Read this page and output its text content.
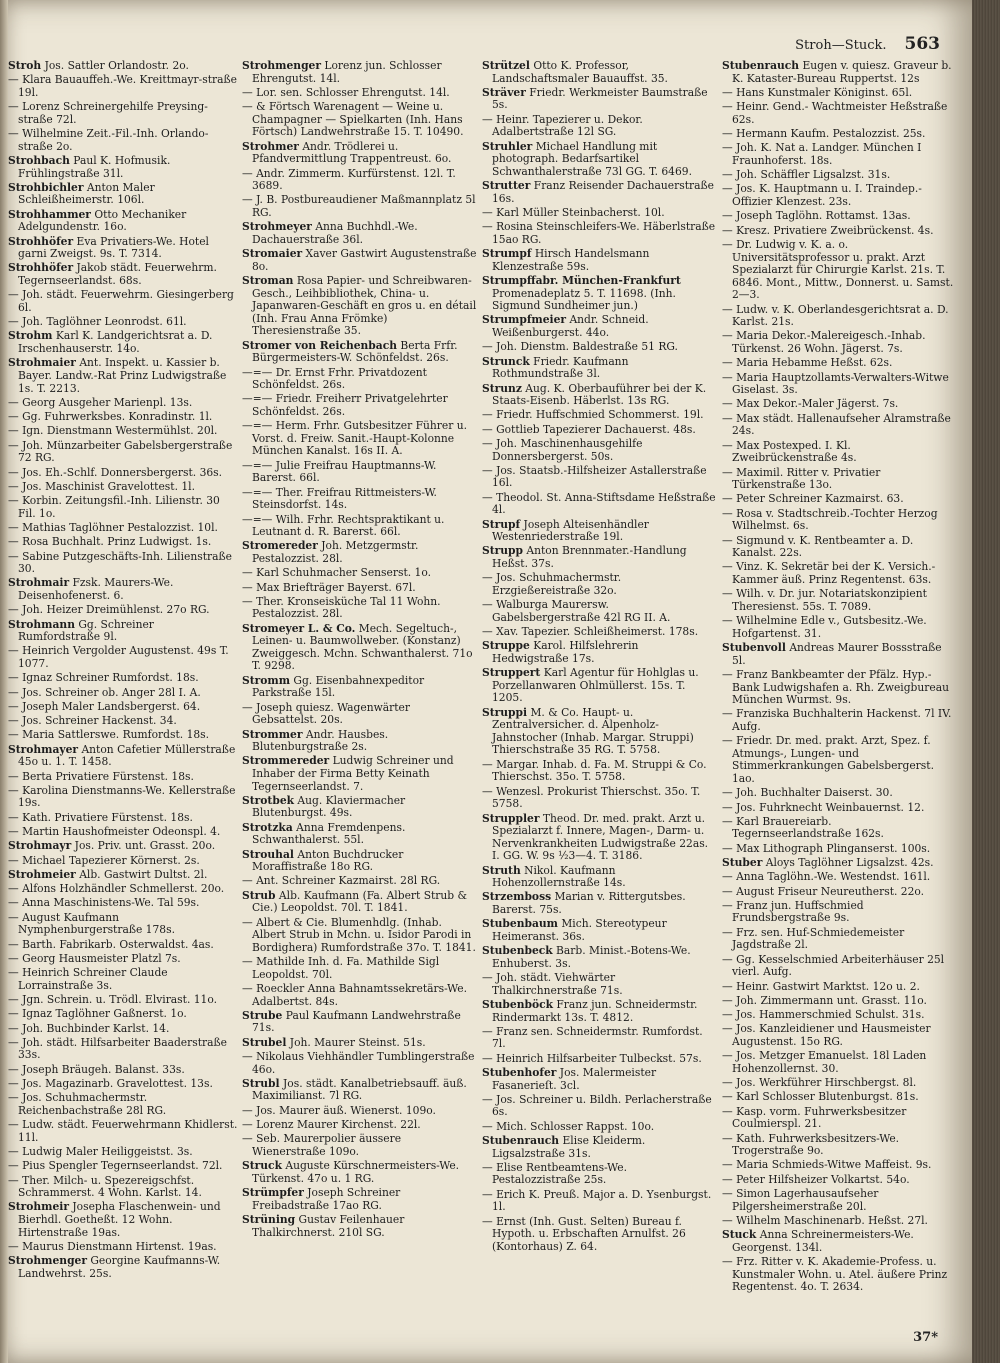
Stroh—Stuck. 563

Stroh Jos. Sattler Orlandostr. 2o.

— Klara Bauauffeh.-We. Kreittmayr-straße 19l.

— Lorenz Schreinergehilfe Preysing-straße 72l.

— Wilhelmine Zeit.-Fil.-Inh. Orlando-straße 2o.

Strohbach Paul K. Hofmusik. Frühlingstraße 31l.

Strohbichler Anton Maler Schleißheimerstr. 106l.

Strohhammer Otto Mechaniker Adelgundenstr. 16o.

Strohhöfer Eva Privatiers-We. Hotel garni Zweigst. 9s. T. 7314.

Strohhöfer Jakob städt. Feuerwehrm. Tegernseerlandst. 68s.

— Joh. städt. Feuerwehrm. Giesingerberg 6l.

— Joh. Taglöhner Leonrodst. 61l.

Strohm Karl K. Landgerichtsrat a. D. Irschenhauserstr. 14o.

Strohmaier Ant. Inspekt. u. Kassier b. Bayer. Landw.-Rat Prinz Ludwigstraße 1s. T. 2213.

— Georg Ausgeher Marienpl. 13s.

— Gg. Fuhrwerksbes. Konradinstr. 1l.

— Ign. Dienstmann Westermühlst. 20l.

— Joh. Münzarbeiter Gabelsbergerstraße 72 RG.

— Jos. Eh.-Schlf. Donnersbergerst. 36s.

— Jos. Maschinist Gravelottest. 1l.

— Korbin. Zeitungsfil.-Inh. Lilienstr. 30 Fil. 1o.

— Mathias Taglöhner Pestalozzist. 10l.

— Rosa Buchhalt. Prinz Ludwigst. 1s.

— Sabine Putzgeschäfts-Inh. Lilienstraße 30.

Strohmair Fzsk. Maurers-We. Deisenhofenerst. 6.

— Joh. Heizer Dreimühlenst. 27o RG.

Strohmann Gg. Schreiner Rumfordstraße 9l.

— Heinrich Vergolder Augustenst. 49s T. 1077.

— Ignaz Schreiner Rumfordst. 18s.

— Jos. Schreiner ob. Anger 28l I. A.

— Joseph Maler Landsbergerst. 64.

— Jos. Schreiner Hackenst. 34.

— Maria Sattlerswe. Rumfordst. 18s.

Strohmayer Anton Cafetier Müllerstraße 45o u. 1. T. 1458.

— Berta Privatiere Fürstenst. 18s.

— Karolina Dienstmanns-We. Kellerstraße 19s.

— Kath. Privatiere Fürstenst. 18s.

— Martin Haushofmeister Odeonspl. 4.

Strohmayr Jos. Priv. unt. Grasst. 20o.

— Michael Tapezierer Körnerst. 2s.

Strohmeier Alb. Gastwirt Dultst. 2l.

— Alfons Holzhändler Schmellerst. 20o.

— Anna Maschinistens-We. Tal 59s.

— August Kaufmann Nymphenburgerstraße 178s.

— Barth. Fabrikarb. Osterwaldst. 4as.

— Georg Hausmeister Platzl 7s.

— Heinrich Schreiner Claude Lorrainstraße 3s.

— Jgn. Schrein. u. Trödl. Elvirast. 11o.

— Ignaz Taglöhner Gaßnerst. 1o.

— Joh. Buchbinder Karlst. 14.

— Joh. städt. Hilfsarbeiter Baaderstraße 33s.

— Joseph Bräugeh. Balanst. 33s.

— Jos. Magazinarb. Gravelottest. 13s.

— Jos. Schuhmachermstr. Reichenbachstraße 28l RG.

— Ludw. städt. Feuerwehrmann Khidlerst. 11l.

— Ludwig Maler Heiliggeistst. 3s.

— Pius Spengler Tegernseerlandst. 72l.

— Ther. Milch- u. Spezereigschfst. Schrammerst. 4 Wohn. Karlst. 14.

Strohmeir Josepha Flaschenwein- und Bierhdl. Goetheßt. 12 Wohn. Hirtenstraße 19as.

— Maurus Dienstmann Hirtenst. 19as.

Strohmenger Georgine Kaufmanns-W. Landwehrst. 25s.

Strohmenger Lorenz jun. Schlosser Ehrengutst. 14l.

— Lor. sen. Schlosser Ehrengutst. 14l.

— & Förtsch Warenagent — Weine u. Champagner — Spielkarten (Inh. Hans Förtsch) Landwehrstraße 15. T. 10490.

Strohmer Andr. Trödlerei u. Pfandvermittlung Trappentreust. 6o.

— Andr. Zimmerm. Kurfürstenst. 12l. T. 3689.

— J. B. Postbureaudiener Maßmannplatz 5l RG.

Strohmeyer Anna Buchhdl.-We. Dachauerstraße 36l.

Stromaier Xaver Gastwirt Augustenstraße 8o.

Stroman Rosa Papier- und Schreibwaren-Gesch., Leihbibliothek, China- u. Japanwaren-Geschäft en gros u. en détail (Inh. Frau Anna Frömke) Theresienstraße 35.

Stromer von Reichenbach Berta Frfr. Bürgermeisters-W. Schönfeldst. 26s.

—=— Dr. Ernst Frhr. Privatdozent Schönfeldst. 26s.

—=— Friedr. Freiherr Privatgelehrter Schönfeldst. 26s.

—=— Herm. Frhr. Gutsbesitzer Führer u. Vorst. d. Freiw. Sanit.-Haupt-Kolonne München Kanalst. 16s II. A.

—=— Julie Freifrau Hauptmanns-W. Barerst. 66l.

—=— Ther. Freifrau Rittmeisters-W. Steinsdorfst. 14s.

—=— Wilh. Frhr. Rechtspraktikant u. Leutnant d. R. Barerst. 66l.

Stromereder Joh. Metzgermstr. Pestalozzist. 28l.

— Karl Schuhmacher Senserst. 1o.

— Max Briefträger Bayerst. 67l.

— Ther. Kronseisküche Tal 11 Wohn. Pestalozzist. 28l.

Stromeyer L. & Co. Mech. Segeltuch-, Leinen- u. Baumwollweber. (Konstanz) Zweiggesch. Mchn. Schwanthalerst. 71o T. 9298.

Stromm Gg. Eisenbahnexpeditor Parkstraße 15l.

— Joseph quiesz. Wagenwärter Gebsattelst. 20s.

Strommer Andr. Hausbes. Blutenburgstraße 2s.

Strommereder Ludwig Schreiner und Inhaber der Firma Betty Keinath Tegernseerlandst. 7.

Strotbek Aug. Klaviermacher Blutenburgst. 49s.

Strotzka Anna Fremdenpens. Schwanthalerst. 55l.

Strouhal Anton Buchdrucker Moraffistraße 18o RG.

— Ant. Schreiner Kazmairst. 28l RG.

Strub Alb. Kaufmann (Fa. Albert Strub & Cie.) Leopoldst. 70l. T. 1841.

— Albert & Cie. Blumenhdlg. (Inhab. Albert Strub in Mchn. u. Isidor Parodi in Bordighera) Rumfordstraße 37o. T. 1841.

— Mathilde Inh. d. Fa. Mathilde Sigl Leopoldst. 70l.

— Roeckler Anna Bahnamtssekretärs-We. Adalbertst. 84s.

Strube Paul Kaufmann Landwehrstraße 71s.

Strubel Joh. Maurer Steinst. 51s.

— Nikolaus Viehhändler Tumblingerstraße 46o.

Strubl Jos. städt. Kanalbetriebsauff. äuß. Maximilianst. 7l RG.

— Jos. Maurer äuß. Wienerst. 109o.

— Lorenz Maurer Kirchenst. 22l.

— Seb. Maurerpolier äussere Wienerstraße 109o.

Struck Auguste Kürschnermeisters-We. Türkenst. 47o u. 1 RG.

Strümpfer Joseph Schreiner Freibadstraße 17ao RG.

Strüning Gustav Feilenhauer Thalkirchnerst. 210l SG.

Strützel Otto K. Professor, Landschaftsmaler Bauauffst. 35.

Sträver Friedr. Werkmeister Baumstraße 5s.

— Heinr. Tapezierer u. Dekor. Adalbertstraße 12l SG.

Struhler Michael Handlung mit photograph. Bedarfsartikel Schwanthalerstraße 73l GG. T. 6469.

Strutter Franz Reisender Dachauerstraße 16s.

— Karl Müller Steinbacherst. 10l.

— Rosina Steinschleifers-We. Häberlstraße 15ao RG.

Strumpf Hirsch Handelsmann Klenzestraße 59s.

Strumpffabr. München-Frankfurt Promenadeplatz 5. T. 11698. (Inh. Sigmund Sundheimer jun.)

Strumpfmeier Andr. Schneid. Weißenburgerst. 44o.

— Joh. Dienstm. Baldestraße 51 RG.

Strunck Friedr. Kaufmann Rothmundstraße 3l.

Strunz Aug. K. Oberbauführer bei der K. Staats-Eisenb. Häberlst. 13s RG.

— Friedr. Huffschmied Schommerst. 19l.

— Gottlieb Tapezierer Dachauerst. 48s.

— Joh. Maschinenhausgehilfe Donnersbergerst. 50s.

— Jos. Staatsb.-Hilfsheizer Astallerstraße 16l.

— Theodol. St. Anna-Stiftsdame Heßstraße 4l.

Strupf Joseph Alteisenhändler Westenriederstraße 19l.

Strupp Anton Brennmater.-Handlung Heßst. 37s.

— Jos. Schuhmachermstr. Erzgießereistraße 32o.

— Walburga Maurersw. Gabelsbergerstraße 42l RG II. A.

— Xav. Tapezier. Schleißheimerst. 178s.

Struppe Karol. Hilfslehrerin Hedwigstraße 17s.

Struppert Karl Agentur für Hohlglas u. Porzellanwaren Ohlmüllerst. 15s. T. 1205.

Struppi M. & Co. Haupt- u. Zentralversicher. d. Alpenholz-Jahnstocher (Inhab. Margar. Struppi) Thierschstraße 35 RG. T. 5758.

— Margar. Inhab. d. Fa. M. Struppi & Co. Thierschst. 35o. T. 5758.

— Wenzesl. Prokurist Thierschst. 35o. T. 5758.

Struppler Theod. Dr. med. prakt. Arzt u. Spezialarzt f. Innere, Magen-, Darm- u. Nervenkrankheiten Ludwigstraße 22as. I. GG. W. 9s ½3—4. T. 3186.

Struth Nikol. Kaufmann Hohenzollernstraße 14s.

Strzemboss Marian v. Rittergutsbes. Barerst. 75s.

Stubenbaum Mich. Stereotypeur Heimeranst. 36s.

Stubenbeck Barb. Minist.-Botens-We. Enhuberst. 3s.

— Joh. städt. Viehwärter Thalkirchnerstraße 71s.

Stubenböck Franz jun. Schneidermstr. Rindermarkt 13s. T. 4812.

— Franz sen. Schneidermstr. Rumfordst. 7l.

— Heinrich Hilfsarbeiter Tulbeckst. 57s.

Stubenhofer Jos. Malermeister Fasanerieſt. 3cl.

— Jos. Schreiner u. Bildh. Perlacherstraße 6s.

— Mich. Schlosser Rappst. 10o.

Stubenrauch Elise Kleiderm. Ligsalzstraße 31s.

— Elise Rentbeamtens-We. Pestalozzistraße 25s.

— Erich K. Preuß. Major a. D. Ysenburgst. 1l.

— Ernst (Inh. Gust. Selten) Bureau f. Hypoth. u. Erbschaften Arnulfst. 26 (Kontorhaus) Z. 64.

Stubenrauch Eugen v. quiesz. Graveur b. K. Kataster-Bureau Ruppertst. 12s

— Hans Kunstmaler Königinst. 65l.

— Heinr. Gend.- Wachtmeister Heßstraße 62s.

— Hermann Kaufm. Pestalozzist. 25s.

— Joh. K. Nat a. Landger. München I Fraunhoferst. 18s.

— Joh. Schäffler Ligsalzst. 31s.

— Jos. K. Hauptmann u. I. Traindep.-Offizier Klenzest. 23s.

— Joseph Taglöhn. Rottamst. 13as.

— Kresz. Privatiere Zweibrückenst. 4s.

— Dr. Ludwig v. K. a. o. Universitätsprofessor u. prakt. Arzt Spezialarzt für Chirurgie Karlst. 21s. T. 6846. Mont., Mittw., Donnerst. u. Samst. 2—3.

— Ludw. v. K. Oberlandesgerichtsrat a. D. Karlst. 21s.

— Maria Dekor.-Malereigesch.-Inhab. Türkenst. 26 Wohn. Jägerst. 7s.

— Maria Hebamme Heßst. 62s.

— Maria Hauptzollamts-Verwalters-Witwe Giselast. 3s.

— Max Dekor.-Maler Jägerst. 7s.

— Max städt. Hallenaufseher Alramstraße 24s.

— Max Postexped. I. Kl. Zweibrückenstraße 4s.

— Maximil. Ritter v. Privatier Türkenstraße 13o.

— Peter Schreiner Kazmairst. 63.

— Rosa v. Stadtschreib.-Tochter Herzog Wilhelmst. 6s.

— Sigmund v. K. Rentbeamter a. D. Kanalst. 22s.

— Vinz. K. Sekretär bei der K. Versich.-Kammer äuß. Prinz Regentenst. 63s.

— Wilh. v. Dr. jur. Notariatskonzipient Theresienst. 55s. T. 7089.

— Wilhelmine Edle v., Gutsbesitz.-We. Hofgartenst. 31.

Stubenvoll Andreas Maurer Bossstraße 5l.

— Franz Bankbeamter der Pfälz. Hyp.-Bank Ludwigshafen a. Rh. Zweigbureau München Wurmst. 9s.

— Franziska Buchhalterin Hackenst. 7l IV. Aufg.

— Friedr. Dr. med. prakt. Arzt, Spez. f. Atmungs-, Lungen- und Stimmerkrankungen Gabelsbergerst. 1ao.

— Joh. Buchhalter Daiserst. 30.

— Jos. Fuhrknecht Weinbauernst. 12.

— Karl Brauereiarb. Tegernseerlandstraße 162s.

— Max Lithograph Plinganserst. 100s.

Stuber Aloys Taglöhner Ligsalzst. 42s.

— Anna Taglöhn.-We. Westendst. 161l.

— August Friseur Neureutherst. 22o.

— Franz jun. Huffschmied Frundsbergstraße 9s.

— Frz. sen. Huf-Schmiedemeister Jagdstraße 2l.

— Gg. Kesselschmied Arbeiterhäuser 25l vierl. Aufg.

— Heinr. Gastwirt Marktst. 12o u. 2.

— Joh. Zimmermann unt. Grasst. 11o.

— Jos. Hammerschmied Schulst. 31s.

— Jos. Kanzleidiener und Hausmeister Augustenst. 15o RG.

— Jos. Metzger Emanuelst. 18l Laden Hohenzollernst. 30.

— Jos. Werkführer Hirschbergst. 8l.

— Karl Schlosser Blutenburgst. 81s.

— Kasp. vorm. Fuhrwerksbesitzer Coulmierspl. 21.

— Kath. Fuhrwerksbesitzers-We. Trogerstraße 9o.

— Maria Schmieds-Witwe Maffeist. 9s.

— Peter Hilfsheizer Volkartst. 54o.

— Simon Lagerhausaufseher Pilgersheimerstraße 20l.

— Wilhelm Maschinenarb. Heßst. 27l.

Stuck Anna Schreinermeisters-We. Georgenst. 134l.

— Frz. Ritter v. K. Akademie-Profess. u. Kunstmaler Wohn. u. Atel. äußere Prinz Regentenst. 4o. T. 2634.

37*
